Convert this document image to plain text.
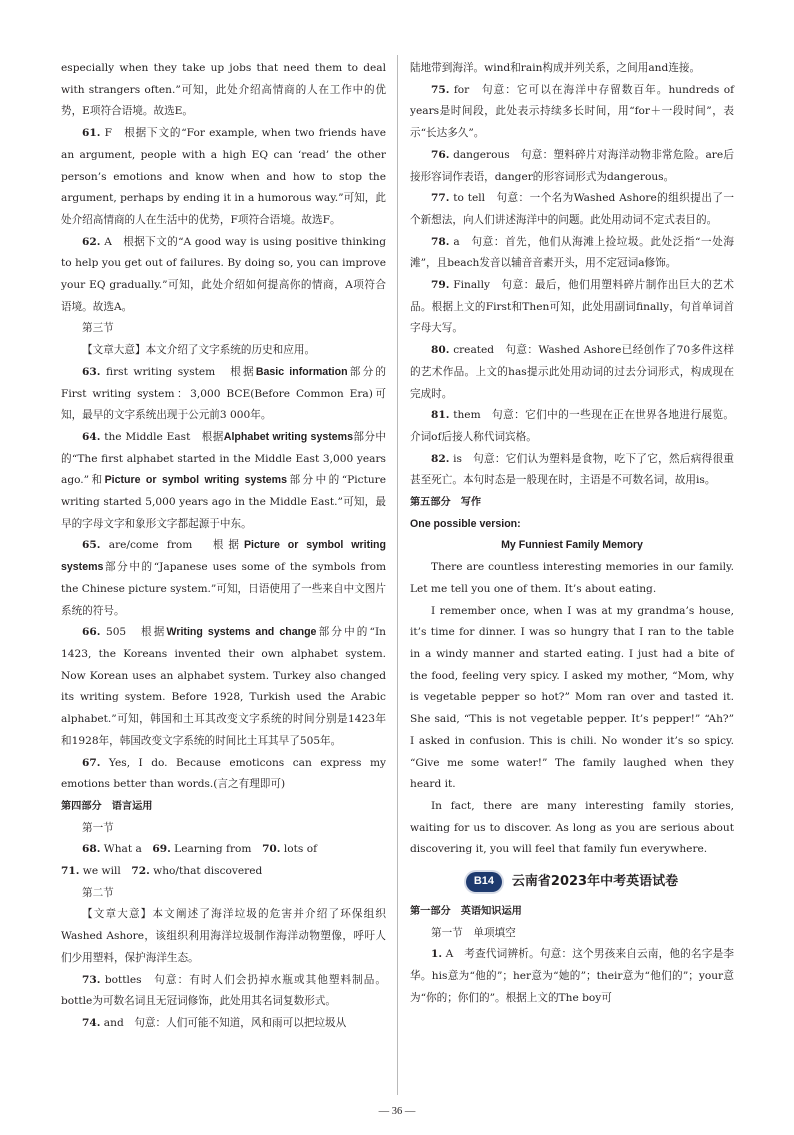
especially when they take up jobs that need them to deal with strangers often.”可知，此处介绍高情商的人在工作中的优势，E项符合语境。故选E。

61. F　根据下文的“For example, when two friends have an argument, people with a high EQ can ‘read’ the other person’s emotions and know when and how to stop the argument, perhaps by ending it in a humorous way.”可知，此处介绍高情商的人在生活中的优势，F项符合语境。故选F。

62. A　根据下文的“A good way is using positive thinking to help you get out of failures. By doing so, you can improve your EQ gradually.”可知，此处介绍如何提高你的情商，A项符合语境。故选A。

第三节

【文章大意】本文介绍了文字系统的历史和应用。

63. first writing system　根据Basic information部分的First writing system：3,000 BCE(Before Common Era)可知，最早的文字系统出现于公元前3 000年。

64. the Middle East　根据Alphabet writing systems部分中的“The first alphabet started in the Middle East 3,000 years ago.”和Picture or symbol writing systems部分中的“Picture writing started 5,000 years ago in the Middle East.”可知，最早的字母文字和象形文字都起源于中东。

65. are/come from　根据Picture or symbol writing systems部分中的“Japanese uses some of the symbols from the Chinese picture system.”可知，日语使用了一些来自中文图片系统的符号。

66. 505　根据Writing systems and change部分中的“In 1423, the Koreans invented their own alphabet system. Now Korean uses an alphabet system. Turkey also changed its writing system. Before 1928, Turkish used the Arabic alphabet.”可知，韩国和土耳其改变文字系统的时间分别是1423年和1928年，韩国改变文字系统的时间比土耳其早了505年。

67. Yes, I do. Because emoticons can express my emotions better than words.(言之有理即可)

第四部分 语言运用

第一节

68. What a　69. Learning from　70. lots of

71. we will　72. who/that discovered

第二节

【文章大意】本文阐述了海洋垃圾的危害并介绍了环保组织Washed Ashore，该组织利用海洋垃圾制作海洋动物塑像，呼吁人们少用塑料，保护海洋生态。

73. bottles　句意：有时人们会扔掉水瓶或其他塑料制品。bottle为可数名词且无冠词修饰，此处用其名词复数形式。

74. and　句意：人们可能不知道，风和雨可以把垃圾从

陆地带到海洋。wind和rain构成并列关系，之间用and连接。

75. for　句意：它可以在海洋中存留数百年。hundreds of years是时间段，此处表示持续多长时间，用“for＋一段时间”，表示“长达多久”。

76. dangerous　句意：塑料碎片对海洋动物非常危险。are后接形容词作表语，danger的形容词形式为dangerous。

77. to tell　句意：一个名为Washed Ashore的组织提出了一个新想法，向人们讲述海洋中的问题。此处用动词不定式表目的。

78. a　句意：首先，他们从海滩上捡垃圾。此处泛指“一处海滩”，且beach发音以辅音音素开头，用不定冠词a修饰。

79. Finally　句意：最后，他们用塑料碎片制作出巨大的艺术品。根据上文的First和Then可知，此处用副词finally，句首单词首字母大写。

80. created　句意：Washed Ashore已经创作了70多件这样的艺术作品。上文的has提示此处用动词的过去分词形式，构成现在完成时。

81. them　句意：它们中的一些现在正在世界各地进行展览。介词of后接人称代词宾格。

82. is　句意：它们认为塑料是食物，吃下了它，然后病得很重甚至死亡。本句时态是一般现在时，主语是不可数名词，故用is。

第五部分 写作

One possible version:

My Funniest Family Memory

There are countless interesting memories in our family. Let me tell you one of them. It’s about eating.

I remember once, when I was at my grandma’s house, it’s time for dinner. I was so hungry that I ran to the table in a windy manner and started eating. I just had a bite of the food, feeling very spicy. I asked my mother, “Mom, why is vegetable pepper so hot?” Mom ran over and tasted it. She said, “This is not vegetable pepper. It’s pepper!” “Ah?” I asked in confusion. This is chili. No wonder it’s so spicy. “Give me some water!” The family laughed when they heard it.

In fact, there are many interesting family stories, waiting for us to discover. As long as you are serious about discovering it, you will feel that family fun everywhere.

B14	云南省2023年中考英语试卷

第一部分 英语知识运用

第一节　单项填空

1. A　考查代词辨析。句意：这个男孩来自云南，他的名字是李华。his意为“他的”；her意为“她的”；their意为“他们的”；your意为“你的；你们的”。根据上文的The boy可

— 36 —
